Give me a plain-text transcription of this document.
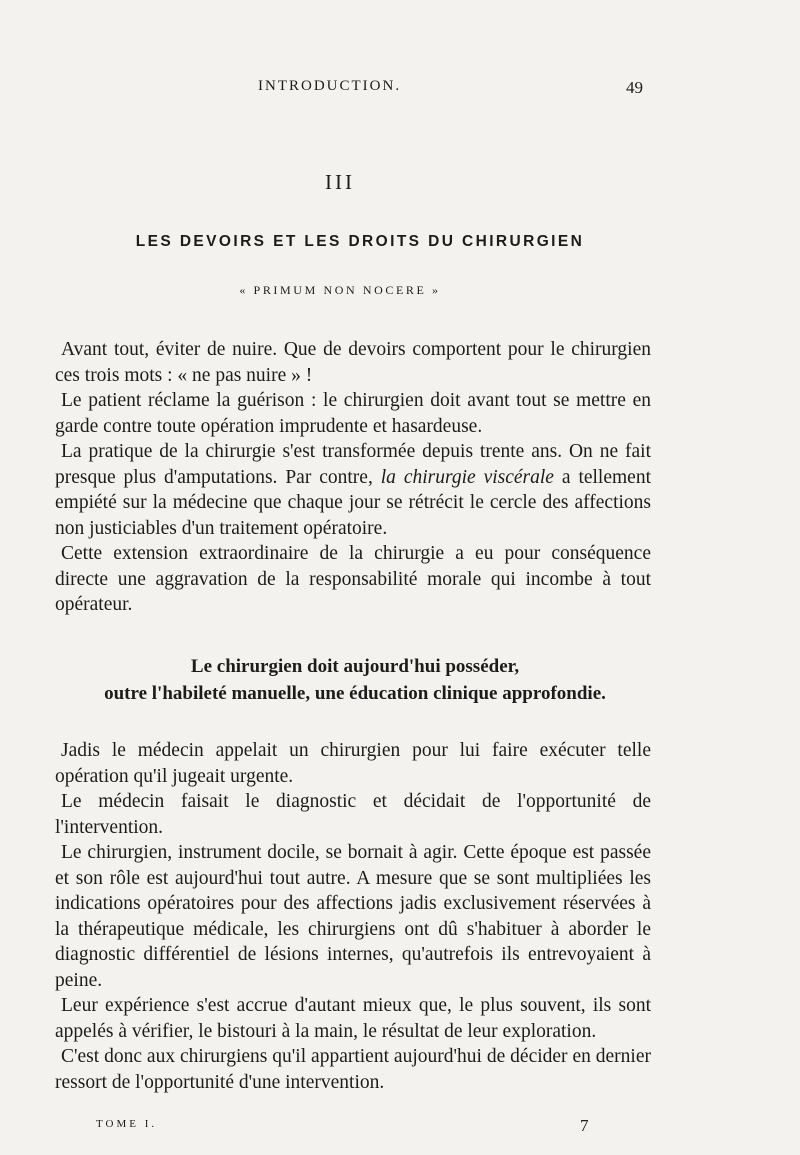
INTRODUCTION.	49
III
LES DEVOIRS ET LES DROITS DU CHIRURGIEN
« PRIMUM NON NOCERE »

Avant tout, éviter de nuire. Que de devoirs comportent pour le chirurgien ces trois mots : « ne pas nuire » !

Le patient réclame la guérison : le chirurgien doit avant tout se mettre en garde contre toute opération imprudente et hasardeuse.

La pratique de la chirurgie s'est transformée depuis trente ans. On ne fait presque plus d'amputations. Par contre, la chirurgie viscérale a tellement empiété sur la médecine que chaque jour se rétrécit le cercle des affections non justiciables d'un traitement opératoire.

Cette extension extraordinaire de la chirurgie a eu pour conséquence directe une aggravation de la responsabilité morale qui incombe à tout opérateur.

Le chirurgien doit aujourd'hui posséder,
outre l'habileté manuelle, une éducation clinique approfondie.

Jadis le médecin appelait un chirurgien pour lui faire exécuter telle opération qu'il jugeait urgente.

Le médecin faisait le diagnostic et décidait de l'opportunité de l'intervention.

Le chirurgien, instrument docile, se bornait à agir. Cette époque est passée et son rôle est aujourd'hui tout autre. A mesure que se sont multipliées les indications opératoires pour des affections jadis exclusivement réservées à la thérapeutique médicale, les chirurgiens ont dû s'habituer à aborder le diagnostic différentiel de lésions internes, qu'autrefois ils entrevoyaient à peine.

Leur expérience s'est accrue d'autant mieux que, le plus souvent, ils sont appelés à vérifier, le bistouri à la main, le résultat de leur exploration.

C'est donc aux chirurgiens qu'il appartient aujourd'hui de décider en dernier ressort de l'opportunité d'une intervention.

TOME I.	7
